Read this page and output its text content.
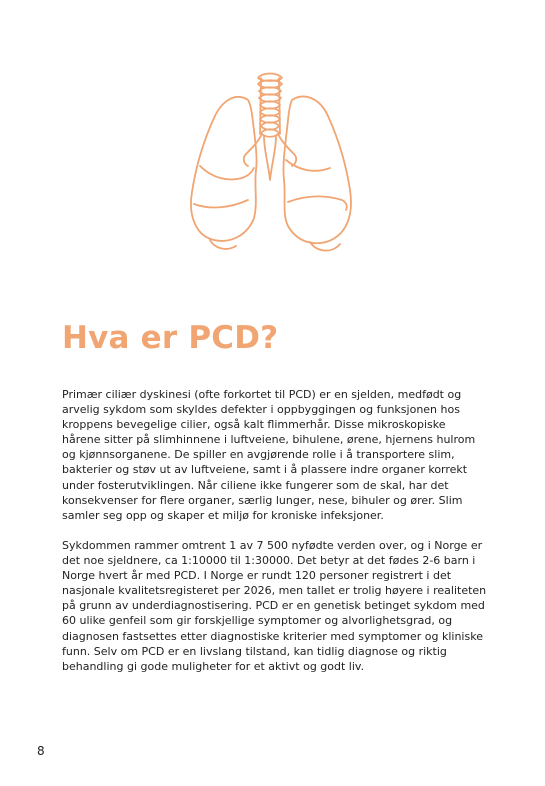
Hva er PCD?

Primær ciliær dyskinesi (ofte forkortet til PCD) er en sjelden, medfødt og arvelig sykdom som skyldes defekter i oppbyggingen og funksjonen hos kroppens bevegelige cilier, også kalt flimmerhår. Disse mikroskopiske hårene sitter på slimhinnene i luftveiene, bihulene, ørene, hjernens hulrom og kjønnsorganene. De spiller en avgjørende rolle i å transportere slim, bakterier og støv ut av luftveiene, samt i å plassere indre organer korrekt under fosterutviklingen. Når ciliene ikke fungerer som de skal, har det konsekvenser for flere organer, særlig lunger, nese, bihuler og ører. Slim samler seg opp og skaper et miljø for kroniske infeksjoner.

Sykdommen rammer omtrent 1 av 7 500 nyfødte verden over, og i Norge er det noe sjeldnere, ca 1:10000 til 1:30000. Det betyr at det fødes 2-6 barn i Norge hvert år med PCD. I Norge er rundt 120 personer registrert i det nasjonale kvalitetsregisteret per 2026, men tallet er trolig høyere i realiteten på grunn av underdiagnostisering. PCD er en genetisk betinget sykdom med 60 ulike genfeil som gir forskjellige symptomer og alvorlighetsgrad, og diagnosen fastsettes etter diagnostiske kriterier med symptomer og kliniske funn. Selv om PCD er en livslang tilstand, kan tidlig diagnose og riktig behandling gi gode muligheter for et aktivt og godt liv.

8
